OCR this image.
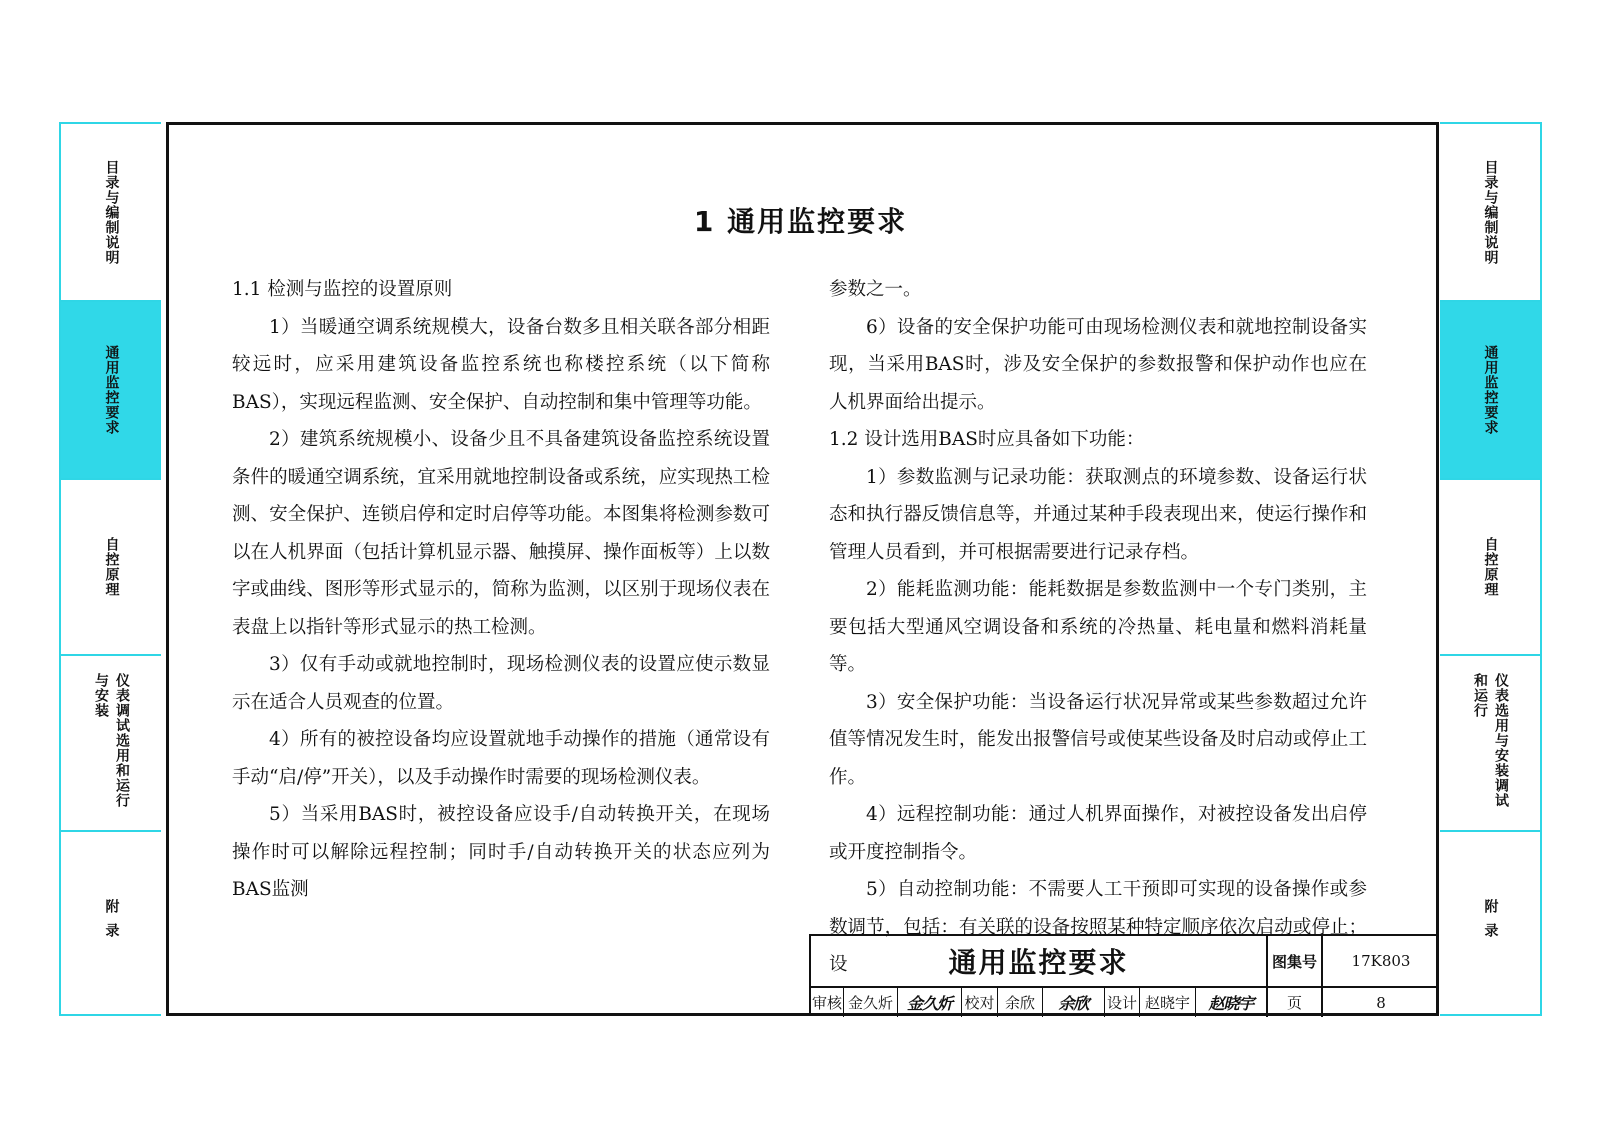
目录与编制说明
通用监控要求
自控原理
仪表调试选用和运行与安装
附录
目录与编制说明
通用监控要求
自控原理
仪表选用与安装调试和运行
附录
1 通用监控要求

1.1 检测与监控的设置原则

1）当暖通空调系统规模大，设备台数多且相关联各部分相距较远时，应采用建筑设备监控系统也称楼控系统（以下简称BAS），实现远程监测、安全保护、自动控制和集中管理等功能。

2）建筑系统规模小、设备少且不具备建筑设备监控系统设置条件的暖通空调系统，宜采用就地控制设备或系统，应实现热工检测、安全保护、连锁启停和定时启停等功能。本图集将检测参数可以在人机界面（包括计算机显示器、触摸屏、操作面板等）上以数字或曲线、图形等形式显示的，简称为监测，以区别于现场仪表在表盘上以指针等形式显示的热工检测。

3）仅有手动或就地控制时，现场检测仪表的设置应使示数显示在适合人员观查的位置。

4）所有的被控设备均应设置就地手动操作的措施（通常设有手动“启/停”开关），以及手动操作时需要的现场检测仪表。

5）当采用BAS时，被控设备应设手/自动转换开关，在现场操作时可以解除远程控制；同时手/自动转换开关的状态应列为BAS监测

参数之一。

6）设备的安全保护功能可由现场检测仪表和就地控制设备实现，当采用BAS时，涉及安全保护的参数报警和保护动作也应在人机界面给出提示。

1.2 设计选用BAS时应具备如下功能：

1）参数监测与记录功能：获取测点的环境参数、设备运行状态和执行器反馈信息等，并通过某种手段表现出来，使运行操作和管理人员看到，并可根据需要进行记录存档。

2）能耗监测功能：能耗数据是参数监测中一个专门类别，主要包括大型通风空调设备和系统的冷热量、耗电量和燃料消耗量等。

3）安全保护功能：当设备运行状况异常或某些参数超过允许值等情况发生时，能发出报警信号或使某些设备及时启动或停止工作。

4）远程控制功能：通过人机界面操作，对被控设备发出启停或开度控制指令。

5）自动控制功能：不需要人工干预即可实现的设备操作或参数调节，包括：有关联的设备按照某种特定顺序依次启动或停止；设	通用监控要求	图集号	17K803
审核 金久炘 金久炘 校对 余欣	余欣	设计 赵晓宇	赵晓宇	页	8
